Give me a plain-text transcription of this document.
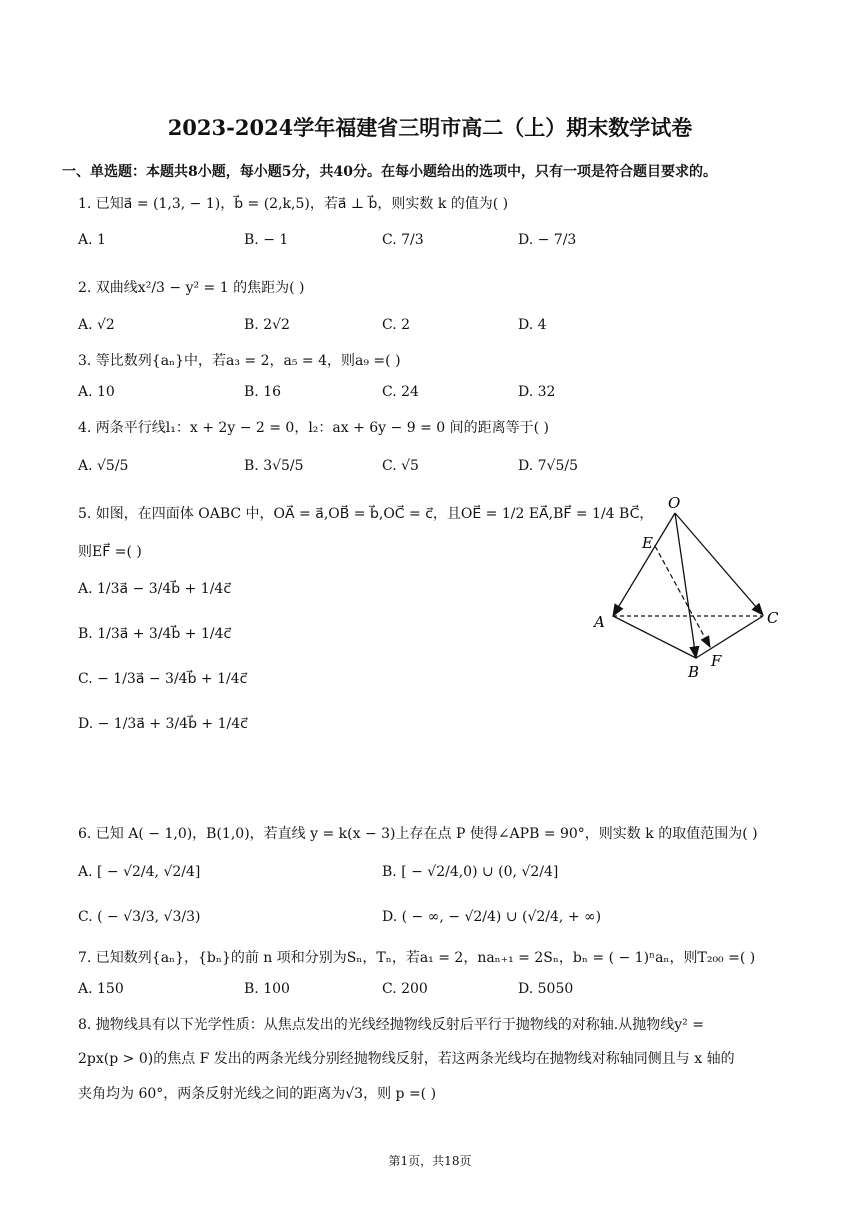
2023-2024学年福建省三明市高二（上）期末数学试卷
一、单选题：本题共8小题，每小题5分，共40分。在每小题给出的选项中，只有一项是符合题目要求的。
1. 已知a⃗ = (1,3, − 1)，b⃗ = (2,k,5)，若a⃗ ⊥ b⃗，则实数 k 的值为( )
A. 1	B. − 1	C. 7/3	D. − 7/3
2. 双曲线x²/3 − y² = 1 的焦距为( )
A. √2	B. 2√2	C. 2	D. 4
3. 等比数列{aₙ}中，若a₃ = 2，a₅ = 4，则a₉ =( )
A. 10	B. 16	C. 24	D. 32
4. 两条平行线l₁：x + 2y − 2 = 0，l₂：ax + 6y − 9 = 0 间的距离等于( )
A. √5/5	B. 3√5/5	C. √5	D. 7√5/5
5. 如图，在四面体 OABC 中，OA⃗ = a⃗,OB⃗ = b⃗,OC⃗ = c⃗，且OE⃗ = 1/2 EA⃗,BF⃗ = 1/4 BC⃗，
则EF⃗ =( )
A. 1/3a⃗ − 3/4b⃗ + 1/4c⃗
B. 1/3a⃗ + 3/4b⃗ + 1/4c⃗
C. − 1/3a⃗ − 3/4b⃗ + 1/4c⃗
D. − 1/3a⃗ + 3/4b⃗ + 1/4c⃗
O
E
A
B
C
F
6. 已知 A( − 1,0)，B(1,0)，若直线 y = k(x − 3)上存在点 P 使得∠APB = 90°，则实数 k 的取值范围为( )
A. [ − √2/4, √2/4]	B. [ − √2/4,0) ∪ (0, √2/4]
C. ( − √3/3, √3/3)	D. ( − ∞, − √2/4) ∪ (√2/4, + ∞)
7. 已知数列{aₙ}，{bₙ}的前 n 项和分别为Sₙ，Tₙ，若a₁ = 2，naₙ₊₁ = 2Sₙ，bₙ = ( − 1)ⁿaₙ，则T₂₀₀ =( )
A. 150	B. 100	C. 200	D. 5050
8. 抛物线具有以下光学性质：从焦点发出的光线经抛物线反射后平行于抛物线的对称轴.从抛物线y² =
2px(p > 0)的焦点 F 发出的两条光线分别经抛物线反射，若这两条光线均在抛物线对称轴同侧且与 x 轴的
夹角均为 60°，两条反射光线之间的距离为√3，则 p =( )
第1页，共18页
